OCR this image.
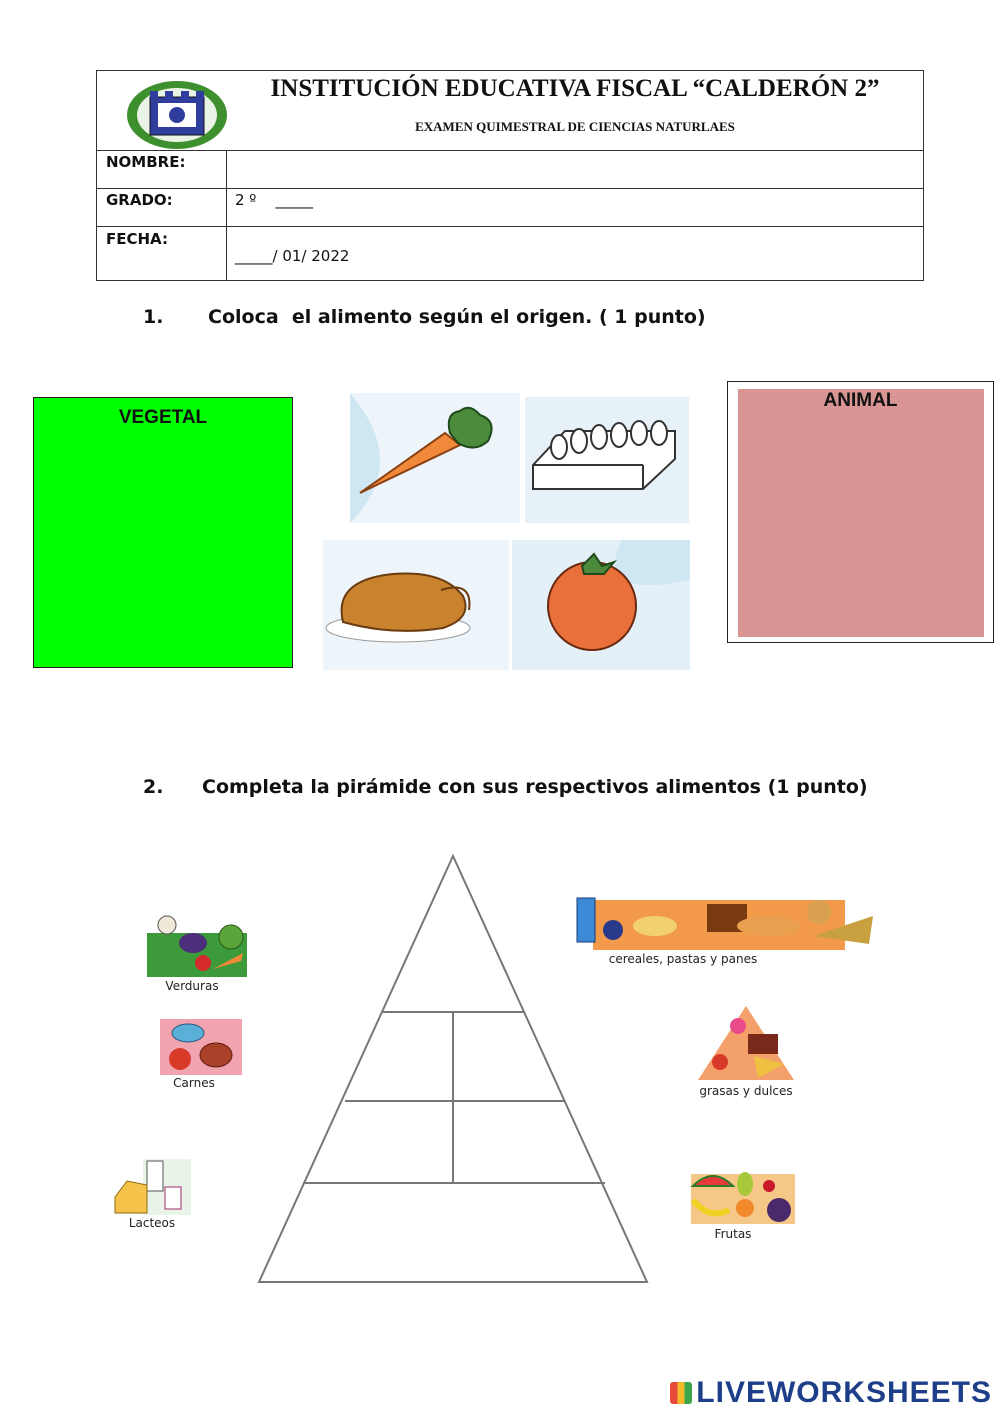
INSTITUCIÓN EDUCATIVA FISCAL “CALDERÓN 2”
EXAMEN QUIMESTRAL DE CIENCIAS NATURLAES
NOMBRE:
GRADO:	2 º    _____
FECHA:
_____/ 01/ 2022
1. Coloca  el alimento según el origen. ( 1 punto)
VEGETAL
ANIMAL
2. Completa la pirámide con sus respectivos alimentos (1 punto)
Verduras
Carnes
Lacteos
cereales, pastas y panes
grasas y dulces
Frutas
LIVEWORKSHEETS
